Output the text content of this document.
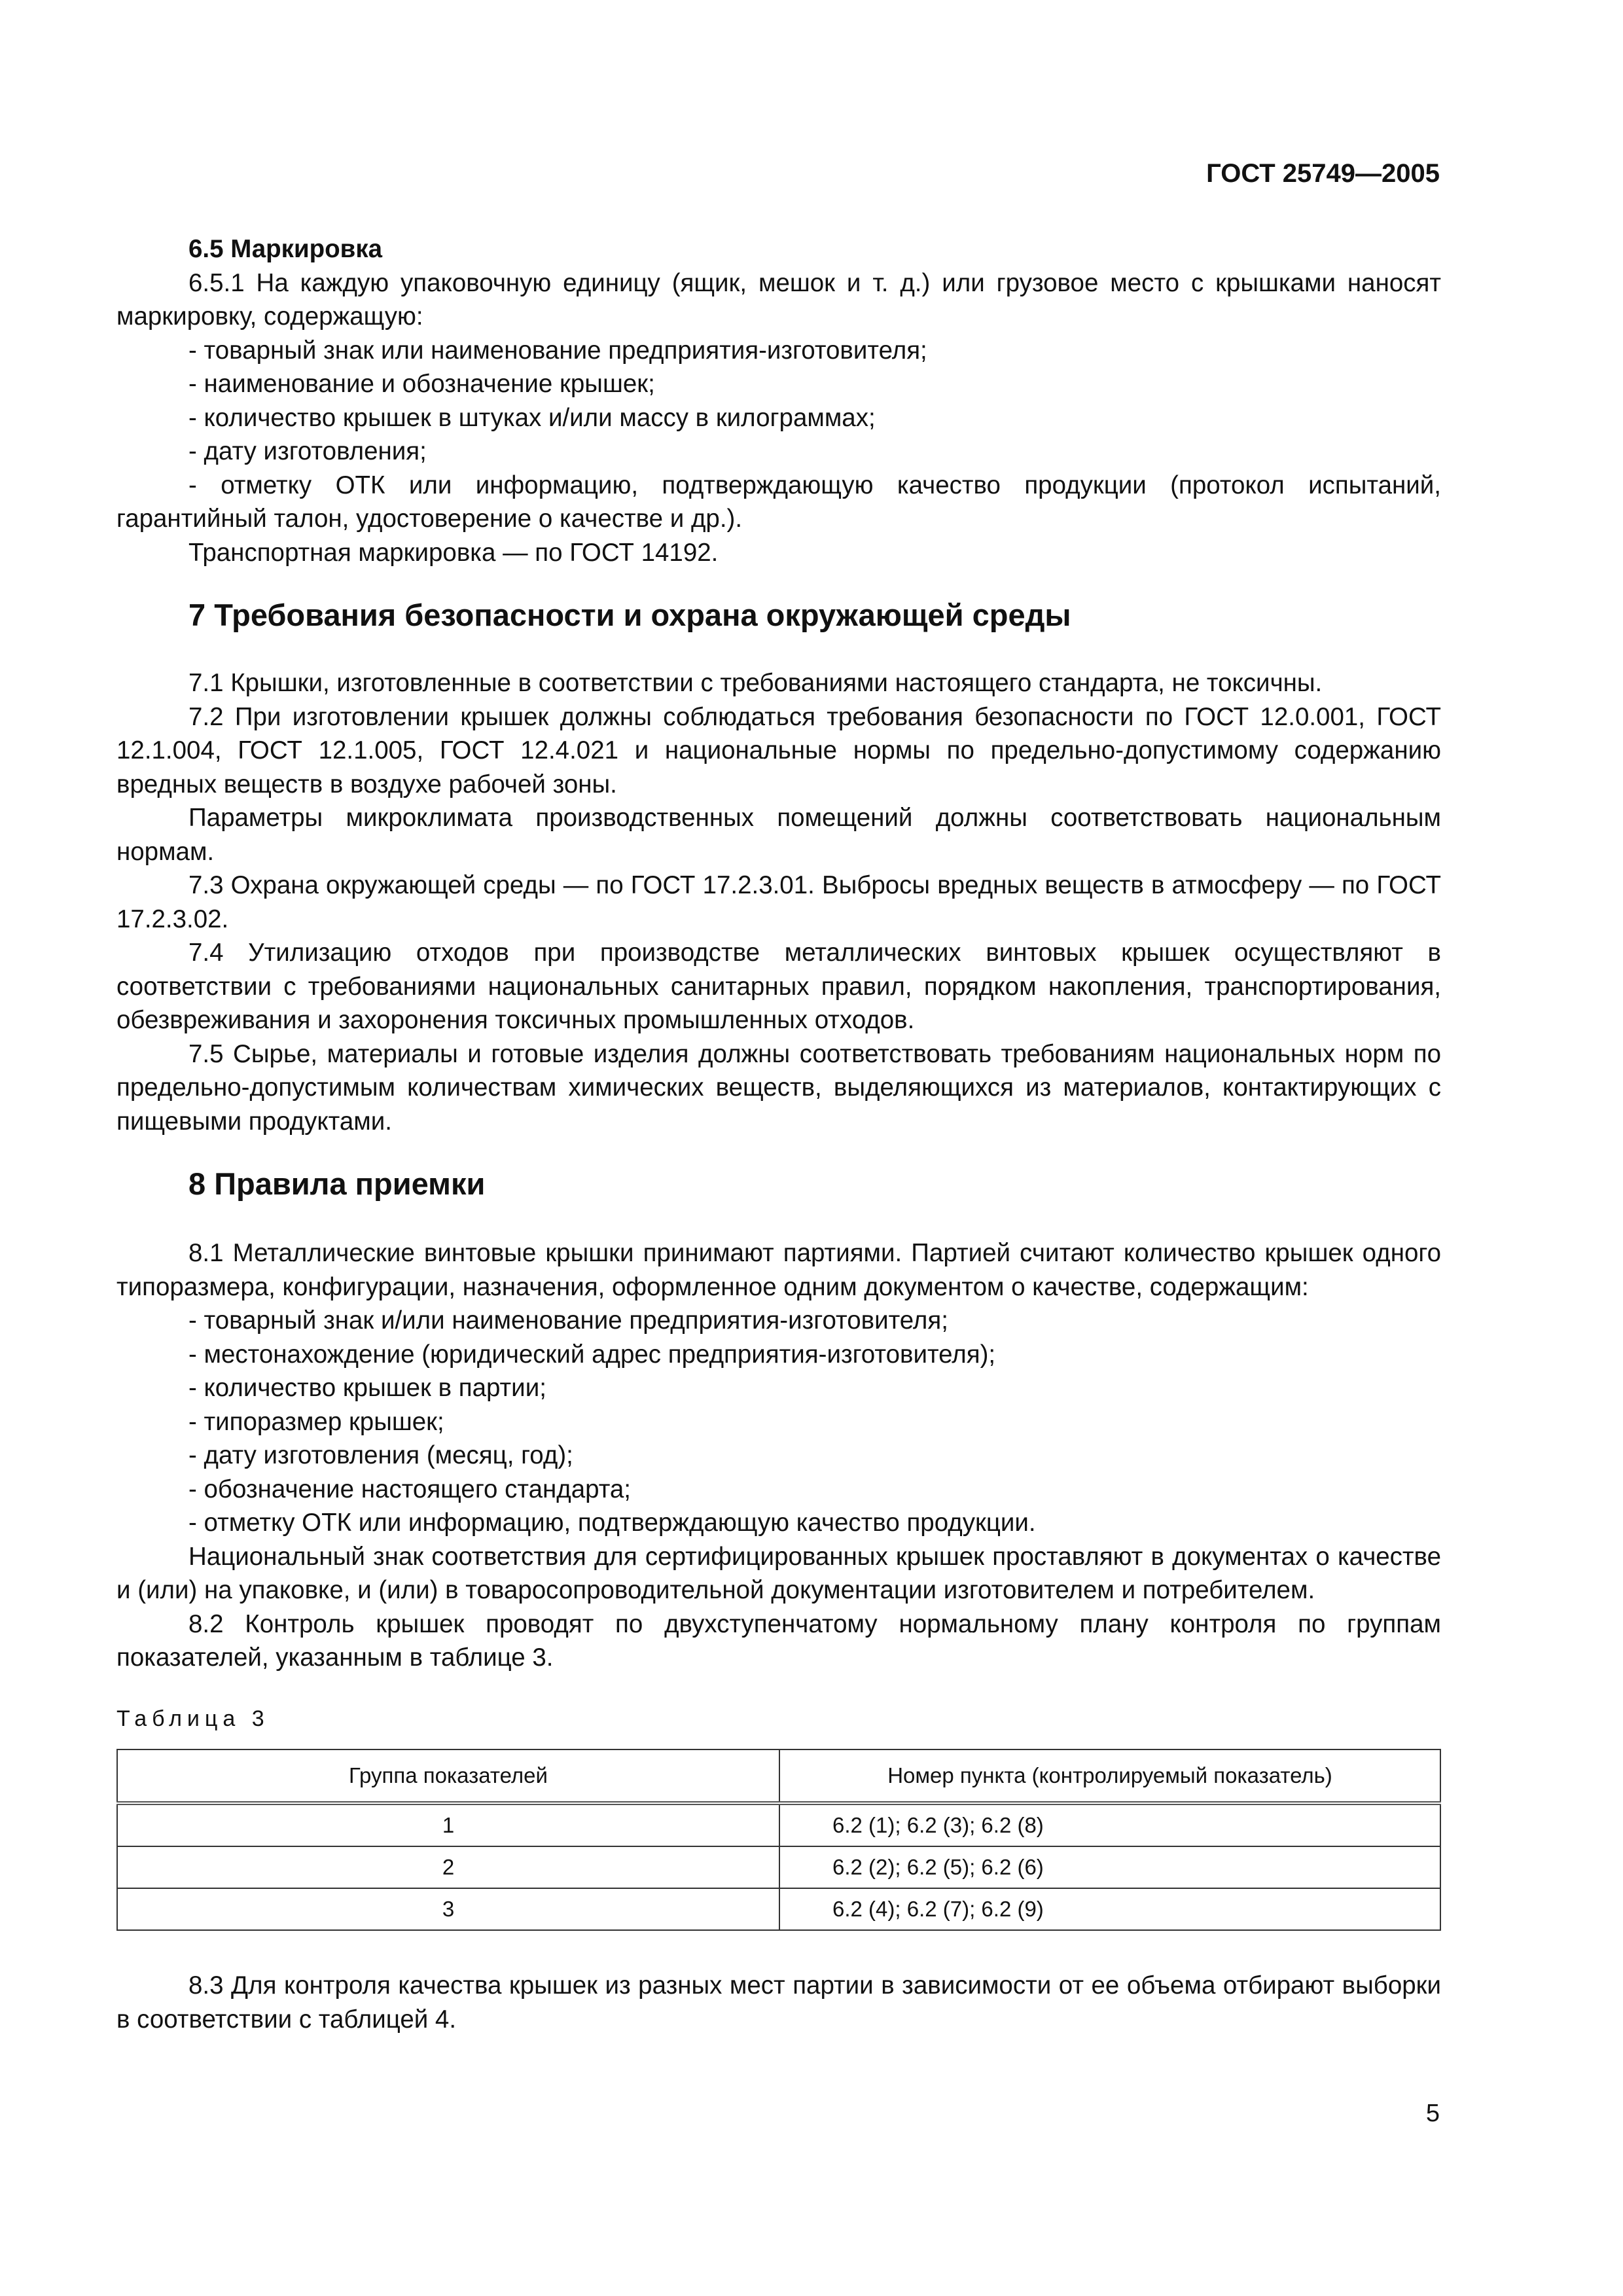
ГОСТ 25749—2005

6.5 Маркировка

6.5.1 На каждую упаковочную единицу (ящик, мешок и т. д.) или грузовое место с крышками наносят маркировку, содержащую:

- товарный знак или наименование предприятия-изготовителя;

- наименование и обозначение крышек;

- количество крышек в штуках и/или массу в килограммах;

- дату изготовления;

- отметку ОТК или информацию, подтверждающую качество продукции (протокол испытаний, гарантийный талон, удостоверение о качестве и др.).

Транспортная маркировка — по ГОСТ 14192.

7 Требования безопасности и охрана окружающей среды

7.1 Крышки, изготовленные в соответствии с требованиями настоящего стандарта, не токсичны.

7.2 При изготовлении крышек должны соблюдаться требования безопасности по ГОСТ 12.0.001, ГОСТ 12.1.004, ГОСТ 12.1.005, ГОСТ 12.4.021 и национальные нормы по предельно-допустимому содержанию вредных веществ в воздухе рабочей зоны.

Параметры микроклимата производственных помещений должны соответствовать национальным нормам.

7.3 Охрана окружающей среды — по ГОСТ 17.2.3.01. Выбросы вредных веществ в атмосферу — по ГОСТ 17.2.3.02.

7.4 Утилизацию отходов при производстве металлических винтовых крышек осуществляют в соответствии с требованиями национальных санитарных правил, порядком накопления, транспортирования, обезвреживания и захоронения токсичных промышленных отходов.

7.5 Сырье, материалы и готовые изделия должны соответствовать требованиям национальных норм по предельно-допустимым количествам химических веществ, выделяющихся из материалов, контактирующих с пищевыми продуктами.

8 Правила приемки

8.1 Металлические винтовые крышки принимают партиями. Партией считают количество крышек одного типоразмера, конфигурации, назначения, оформленное одним документом о качестве, содержащим:

- товарный знак и/или наименование предприятия-изготовителя;

- местонахождение (юридический адрес предприятия-изготовителя);

- количество крышек в партии;

- типоразмер крышек;

- дату изготовления (месяц, год);

- обозначение настоящего стандарта;

- отметку ОТК или информацию, подтверждающую качество продукции.

Национальный знак соответствия для сертифицированных крышек проставляют в документах о качестве и (или) на упаковке, и (или) в товаросопроводительной документации изготовителем и потребителем.

8.2 Контроль крышек проводят по двухступенчатому нормальному плану контроля по группам показателей, указанным в таблице 3.

Таблица 3

Группа показателей	Номер пункта (контролируемый показатель)
1	6.2 (1); 6.2 (3); 6.2 (8)
2	6.2 (2); 6.2 (5); 6.2 (6)
3	6.2 (4); 6.2 (7); 6.2 (9)

8.3 Для контроля качества крышек из разных мест партии в зависимости от ее объема отбирают выборки в соответствии с таблицей 4.

5
